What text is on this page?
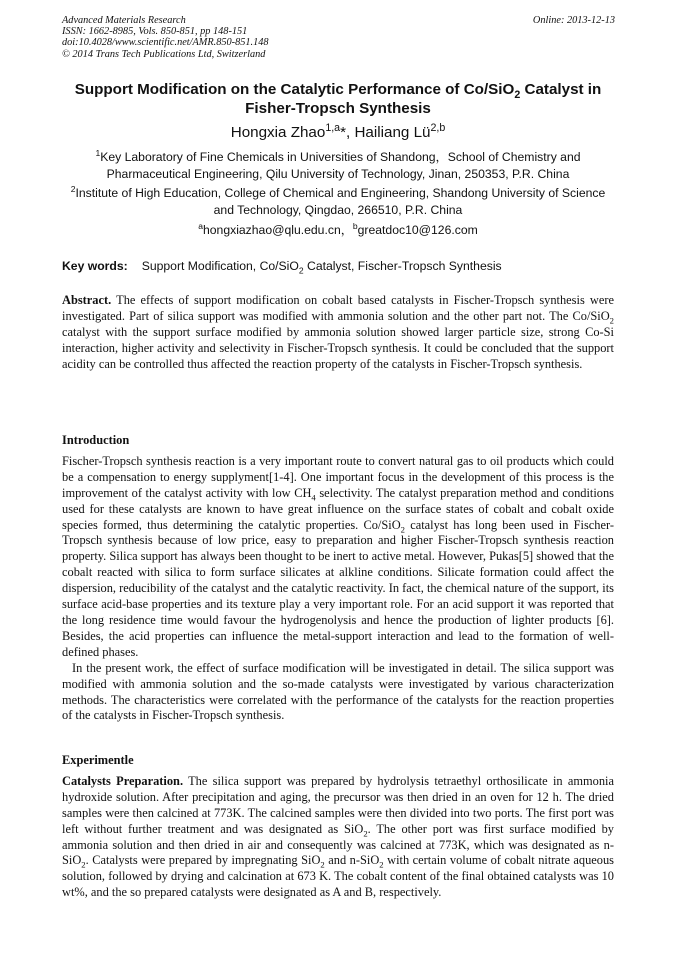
Advanced Materials Research
ISSN: 1662-8985, Vols. 850-851, pp 148-151
doi:10.4028/www.scientific.net/AMR.850-851.148
© 2014 Trans Tech Publications Ltd, Switzerland
Online: 2013-12-13
Support Modification on the Catalytic Performance of Co/SiO$_2$ Catalyst in Fisher-Tropsch Synthesis
Hongxia Zhao$^{1,a}$*, Hailiang Lü$^{2,b}$
$^1$Key Laboratory of Fine Chemicals in Universities of Shandong，School of Chemistry and Pharmaceutical Engineering, Qilu University of Technology, Jinan, 250353, P.R. China
$^2$Institute of High Education, College of Chemical and Engineering, Shandong University of Science and Technology, Qingdao, 266510, P.R. China
$^a$hongxiazhao@qlu.edu.cn，$^b$greatdoc10@126.com
Key words: Support Modification, Co/SiO$_2$ Catalyst, Fischer-Tropsch Synthesis
Abstract. The effects of support modification on cobalt based catalysts in Fischer-Tropsch synthesis were investigated. Part of silica support was modified with ammonia solution and the other part not. The Co/SiO$_2$ catalyst with the support surface modified by ammonia solution showed larger particle size, strong Co-Si interaction, higher activity and selectivity in Fischer-Tropsch synthesis. It could be concluded that the support acidity can be controlled thus affected the reaction property of the catalysts in Fischer-Tropsch synthesis.
Introduction
Fischer-Tropsch synthesis reaction is a very important route to convert natural gas to oil products which could be a compensation to energy supplyment[1-4]. One important focus in the development of this process is the improvement of the catalyst activity with low $CH_4$ selectivity. The catalyst preparation method and conditions used for these catalysts are known to have great influence on the surface states of cobalt and cobalt oxide species formed, thus determining the catalytic properties. Co/SiO$_2$ catalyst has long been used in Fischer-Tropsch synthesis because of low price, easy to preparation and higher Fischer-Tropsch synthesis reaction property. Silica support has always been thought to be inert to active metal. However, Pukas[5] showed that the cobalt reacted with silica to form surface silicates at alkline conditions. Silicate formation could affect the dispersion, reducibility of the catalyst and the catalytic reactivity. In fact, the chemical nature of the support, its surface acid-base properties and its texture play a very important role. For an acid support it was reported that the long residence time would favour the hydrogenolysis and hence the production of lighter products [6]. Besides, the acid properties can influence the metal-support interaction and lead to the formation of well-defined phases.
In the present work, the effect of surface modification will be investigated in detail. The silica support was modified with ammonia solution and the so-made catalysts were investigated by various characterization methods. The characteristics were correlated with the performance of the catalysts for the reaction properties of the catalysts in Fischer-Tropsch synthesis.
Experimentle
Catalysts Preparation. The silica support was prepared by hydrolysis tetraethyl orthosilicate in ammonia hydroxide solution. After precipitation and aging, the precursor was then dried in an oven for 12 h. The dried samples were then calcined at 773K. The calcined samples were then divided into two ports. The first port was left without further treatment and was designated as SiO$_2$. The other port was first surface modified by ammonia solution and then dried in air and consequently was calcined at 773K, which was designated as n-SiO$_2$. Catalysts were prepared by impregnating SiO$_2$ and n-SiO$_2$ with certain volume of cobalt nitrate aqueous solution, followed by drying and calcination at 673 K. The cobalt content of the final obtained catalysts was 10 wt%, and the so prepared catalysts were designated as A and B, respectively.
